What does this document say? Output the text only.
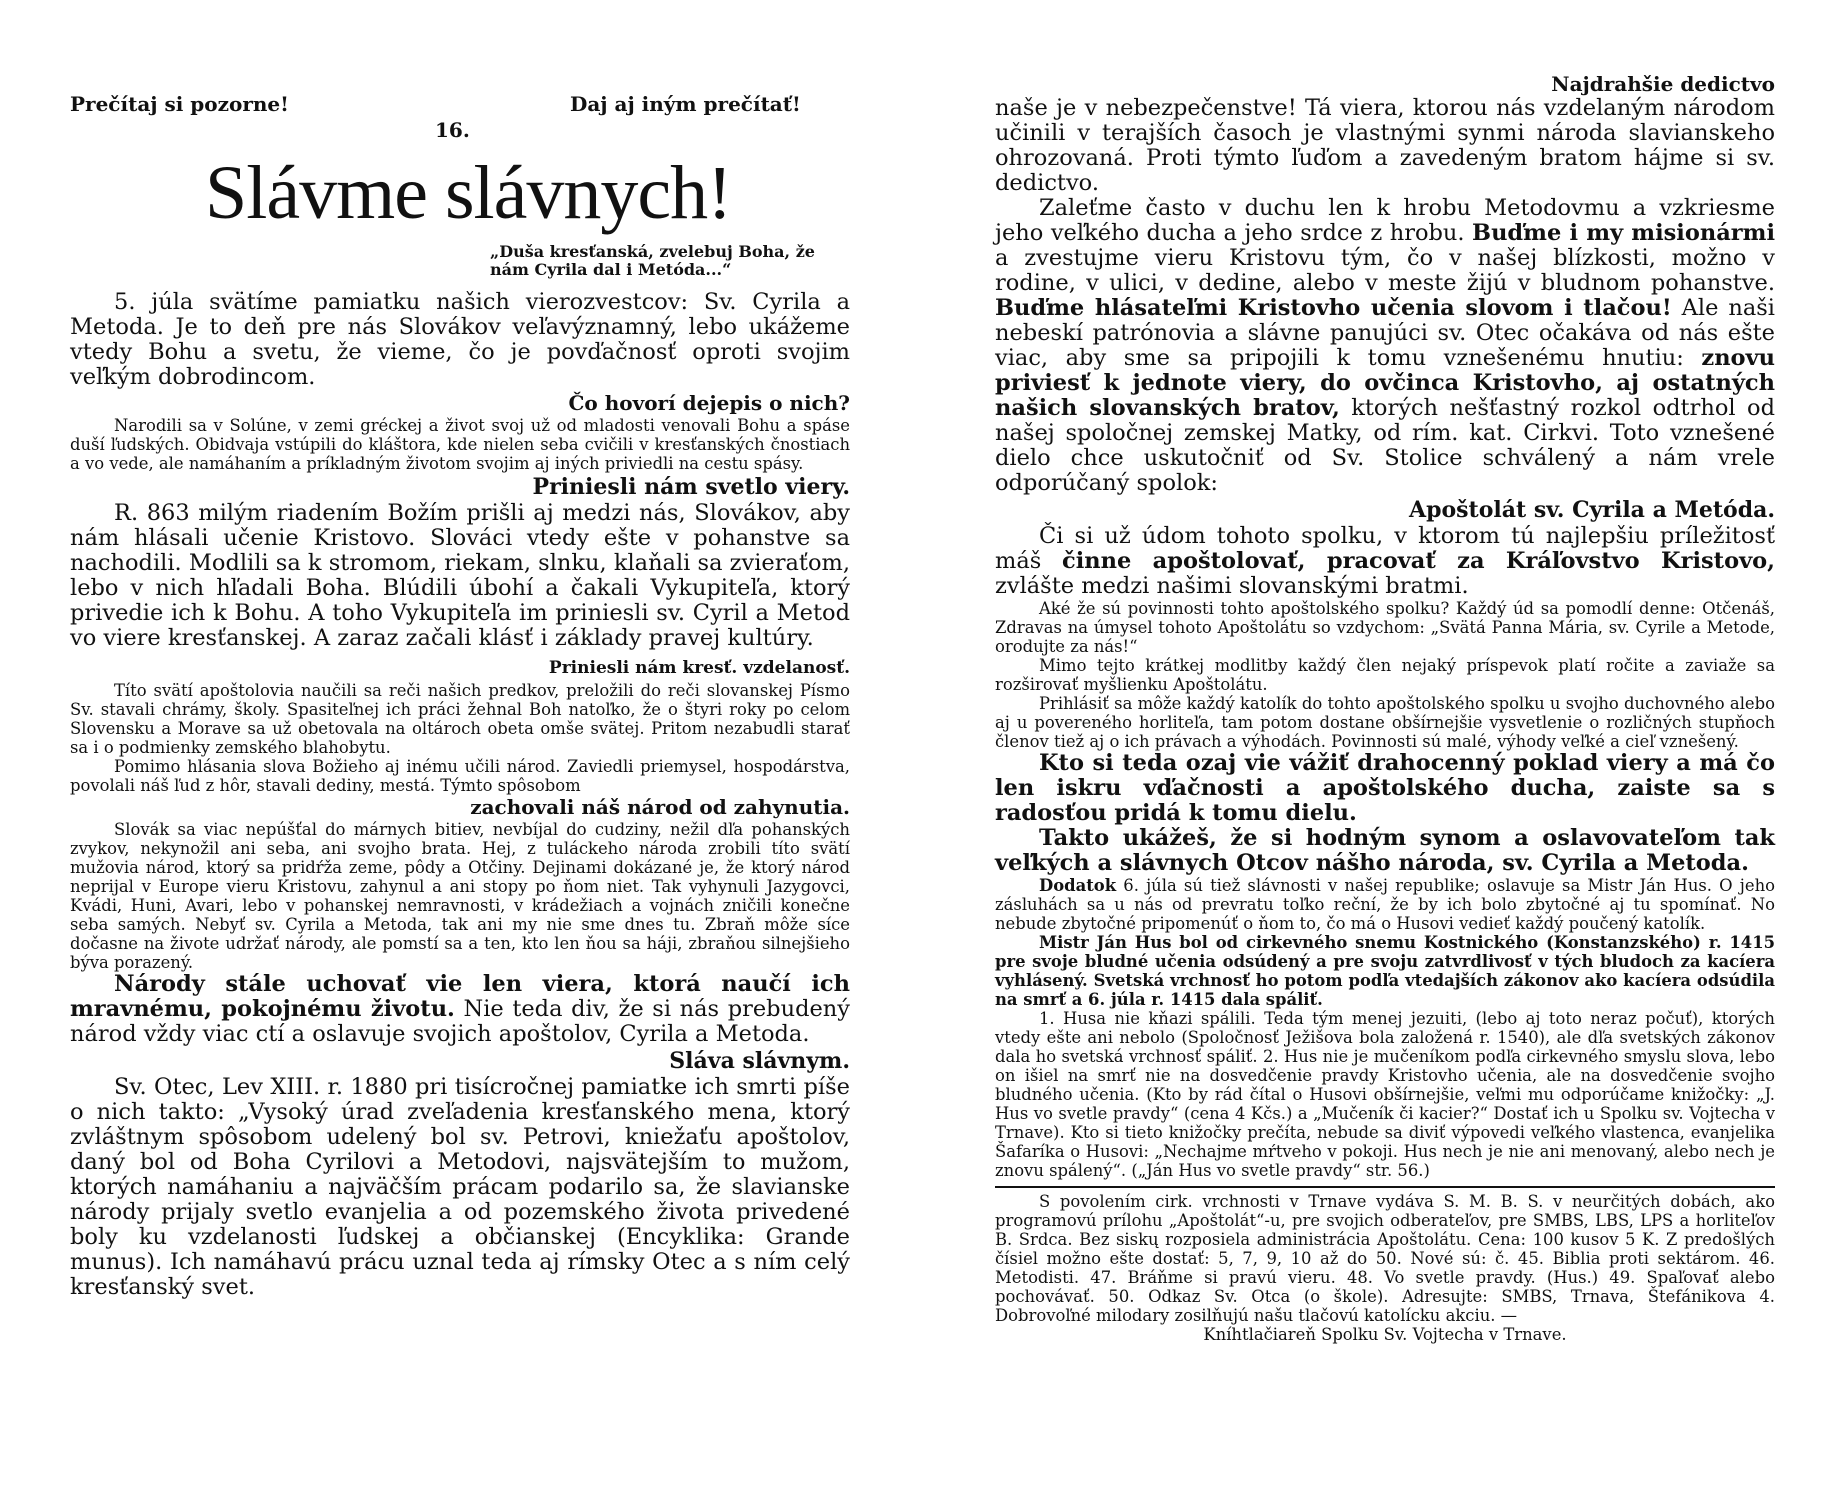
Prečítaj si pozorne!	Daj aj iným prečítať!
16.
Slávme slávnych!

„Duša kresťanská, zvelebuj Boha, že nám Cyrila dal i Metóda...“

5. júla svätíme pamiatku našich vierozvestcov: Sv. Cyrila a Metoda. Je to deň pre nás Slovákov veľavýznamný, lebo ukážeme vtedy Bohu a svetu, že vieme, čo je povďačnosť oproti svojim veľkým dobrodincom.

Čo hovorí dejepis o nich?

Narodili sa v Solúne, v zemi gréckej a život svoj už od mladosti venovali Bohu a spáse duší ľudských. Obidvaja vstúpili do kláštora, kde nielen seba cvičili v kresťanských čnostiach a vo vede, ale namáhaním a príkladným životom svojim aj iných priviedli na cestu spásy.

Priniesli nám svetlo viery.

R. 863 milým riadením Božím prišli aj medzi nás, Slovákov, aby nám hlásali učenie Kristovo. Slováci vtedy ešte v pohanstve sa nachodili. Modlili sa k stromom, riekam, slnku, klaňali sa zvieraťom, lebo v nich hľadali Boha. Blúdili úbohí a čakali Vykupiteľa, ktorý privedie ich k Bohu. A toho Vykupiteľa im priniesli sv. Cyril a Metod vo viere kresťanskej. A zaraz začali klásť i základy pravej kultúry.

Priniesli nám kresť. vzdelanosť.

Títo svätí apoštolovia naučili sa reči našich predkov, preložili do reči slovanskej Písmo Sv. stavali chrámy, školy. Spasiteľnej ich práci žehnal Boh natoľko, že o štyri roky po celom Slovensku a Morave sa už obetovala na oltároch obeta omše svätej. Pritom nezabudli starať sa i o podmienky zemského blahobytu.

Pomimo hlásania slova Božieho aj inému učili národ. Zaviedli priemysel, hospodárstva, povolali náš ľud z hôr, stavali dediny, mestá. Týmto spôsobom

zachovali náš národ od zahynutia.

Slovák sa viac nepúšťal do márnych bitiev, nevbíjal do cudziny, nežil dľa pohanských zvykov, nekynožil ani seba, ani svojho brata. Hej, z tuláckeho národa zrobili títo svätí mužovia národ, ktorý sa pridŕža zeme, pôdy a Otčiny. Dejinami dokázané je, že ktorý národ neprijal v Europe vieru Kristovu, zahynul a ani stopy po ňom niet. Tak vyhynuli Jazygovci, Kvádi, Huni, Avari, lebo v pohanskej nemravnosti, v krádežiach a vojnách zničili konečne seba samých. Nebyť sv. Cyrila a Metoda, tak ani my nie sme dnes tu. Zbraň môže síce dočasne na živote udržať národy, ale pomstí sa a ten, kto len ňou sa háji, zbraňou silnejšieho býva porazený.

Národy stále uchovať vie len viera, ktorá naučí ich mravnému, pokojnému životu. Nie teda div, že si nás prebudený národ vždy viac ctí a oslavuje svojich apoštolov, Cyrila a Metoda.

Sláva slávnym.

Sv. Otec, Lev XIII. r. 1880 pri tisícročnej pamiatke ich smrti píše o nich takto: „Vysoký úrad zveľadenia kresťanského mena, ktorý zvláštnym spôsobom udelený bol sv. Petrovi, kniežaťu apoštolov, daný bol od Boha Cyrilovi a Metodovi, najsvätejším to mužom, ktorých namáhaniu a najväčším prácam podarilo sa, že slavianske národy prijaly svetlo evanjelia a od pozemského života privedené boly ku vzdelanosti ľudskej a občianskej (Encyklika: Grande munus). Ich namáhavú prácu uznal teda aj rímsky Otec a s ním celý kresťanský svet.

Najdrahšie dedictvo

naše je v nebezpečenstve! Tá viera, ktorou nás vzdelaným národom učinili v terajších časoch je vlastnými synmi národa slavianskeho ohrozovaná. Proti týmto ľuďom a zavedeným bratom hájme si sv. dedictvo.

Zaleťme často v duchu len k hrobu Metodovmu a vzkriesme jeho veľkého ducha a jeho srdce z hrobu. Buďme i my misionármi a zvestujme vieru Kristovu tým, čo v našej blízkosti, možno v rodine, v ulici, v dedine, alebo v meste žijú v bludnom pohanstve. Buďme hlásateľmi Kristovho učenia slovom i tlačou! Ale naši nebeskí patrónovia a slávne panujúci sv. Otec očakáva od nás ešte viac, aby sme sa pripojili k tomu vznešenému hnutiu: znovu priviesť k jednote viery, do ovčinca Kristovho, aj ostatných našich slovanských bratov, ktorých nešťastný rozkol odtrhol od našej spoločnej zemskej Matky, od rím. kat. Cirkvi. Toto vznešené dielo chce uskutočniť od Sv. Stolice schválený a nám vrele odporúčaný spolok:

Apoštolát sv. Cyrila a Metóda.

Či si už údom tohoto spolku, v ktorom tú najlepšiu príležitosť máš činne apoštolovať, pracovať za Kráľovstvo Kristovo, zvlášte medzi našimi slovanskými bratmi.

Aké že sú povinnosti tohto apoštolského spolku? Každý úd sa pomodlí denne: Otčenáš, Zdravas na úmysel tohoto Apoštolátu so vzdychom: „Svätá Panna Mária, sv. Cyrile a Metode, orodujte za nás!“

Mimo tejto krátkej modlitby každý člen nejaký príspevok platí ročite a zaviaže sa rozširovať myšlienku Apoštolátu.

Prihlásiť sa môže každý katolík do tohto apoštolského spolku u svojho duchovného alebo aj u povereného horliteľa, tam potom dostane obšírnejšie vysvetlenie o rozličných stupňoch členov tiež aj o ich právach a výhodách. Povinnosti sú malé, výhody veľké a cieľ vznešený.

Kto si teda ozaj vie vážiť drahocenný poklad viery a má čo len iskru vďačnosti a apoštolského ducha, zaiste sa s radosťou pridá k tomu dielu.

Takto ukážeš, že si hodným synom a oslavovateľom tak veľkých a slávnych Otcov nášho národa, sv. Cyrila a Metoda.

Dodatok 6. júla sú tiež slávnosti v našej republike; oslavuje sa Mistr Ján Hus. O jeho zásluhách sa u nás od prevratu toľko reční, že by ich bolo zbytočné aj tu spomínať. No nebude zbytočné pripomenúť o ňom to, čo má o Husovi vedieť každý poučený katolík.

Mistr Ján Hus bol od cirkevného snemu Kostnického (Konstanzského) r. 1415 pre svoje bludné učenia odsúdený a pre svoju zatvrdlivosť v tých bludoch za kacíera vyhlásený. Svetská vrchnosť ho potom podľa vtedajších zákonov ako kacíera odsúdila na smrť a 6. júla r. 1415 dala spáliť.

1. Husa nie kňazi spálili. Teda tým menej jezuiti, (lebo aj toto neraz počuť), ktorých vtedy ešte ani nebolo (Spoločnosť Ježišova bola založená r. 1540), ale dľa svetských zákonov dala ho svetská vrchnosť spáliť. 2. Hus nie je mučeníkom podľa cirkevného smyslu slova, lebo on išiel na smrť nie na dosvedčenie pravdy Kristovho učenia, ale na dosvedčenie svojho bludného učenia. (Kto by rád čítal o Husovi obšírnejšie, veľmi mu odporúčame knižočky: „J. Hus vo svetle pravdy“ (cena 4 Kčs.) a „Mučeník či kacier?“ Dostať ich u Spolku sv. Vojtecha v Trnave). Kto si tieto knižočky prečíta, nebude sa diviť výpovedi veľkého vlastenca, evanjelika Šafaríka o Husovi: „Nechajme mŕtveho v pokoji. Hus nech je nie ani menovaný, alebo nech je znovu spálený“. („Ján Hus vo svetle pravdy“ str. 56.)

S povolením cirk. vrchnosti v Trnave vydáva S. M. B. S. v neurčitých dobách, ako programovú prílohu „Apoštolát“-u, pre svojich odberateľov, pre SMBS, LBS, LPS a horliteľov B. Srdca. Bez siskų rozposiela administrácia Apoštolátu. Cena: 100 kusov 5 K. Z predošlých čísiel možno ešte dostať: 5, 7, 9, 10 až do 50. Nové sú: č. 45. Biblia proti sektárom. 46. Metodisti. 47. Bráňme si pravú vieru. 48. Vo svetle pravdy. (Hus.) 49. Spaľovať alebo pochovávať. 50. Odkaz Sv. Otca (o škole). Adresujte: SMBS, Trnava, Štefánikova 4. Dobrovoľné milodary zosilňujú našu tlačovú katolícku akciu. —

Kníhtlačiareň Spolku Sv. Vojtecha v Trnave.
